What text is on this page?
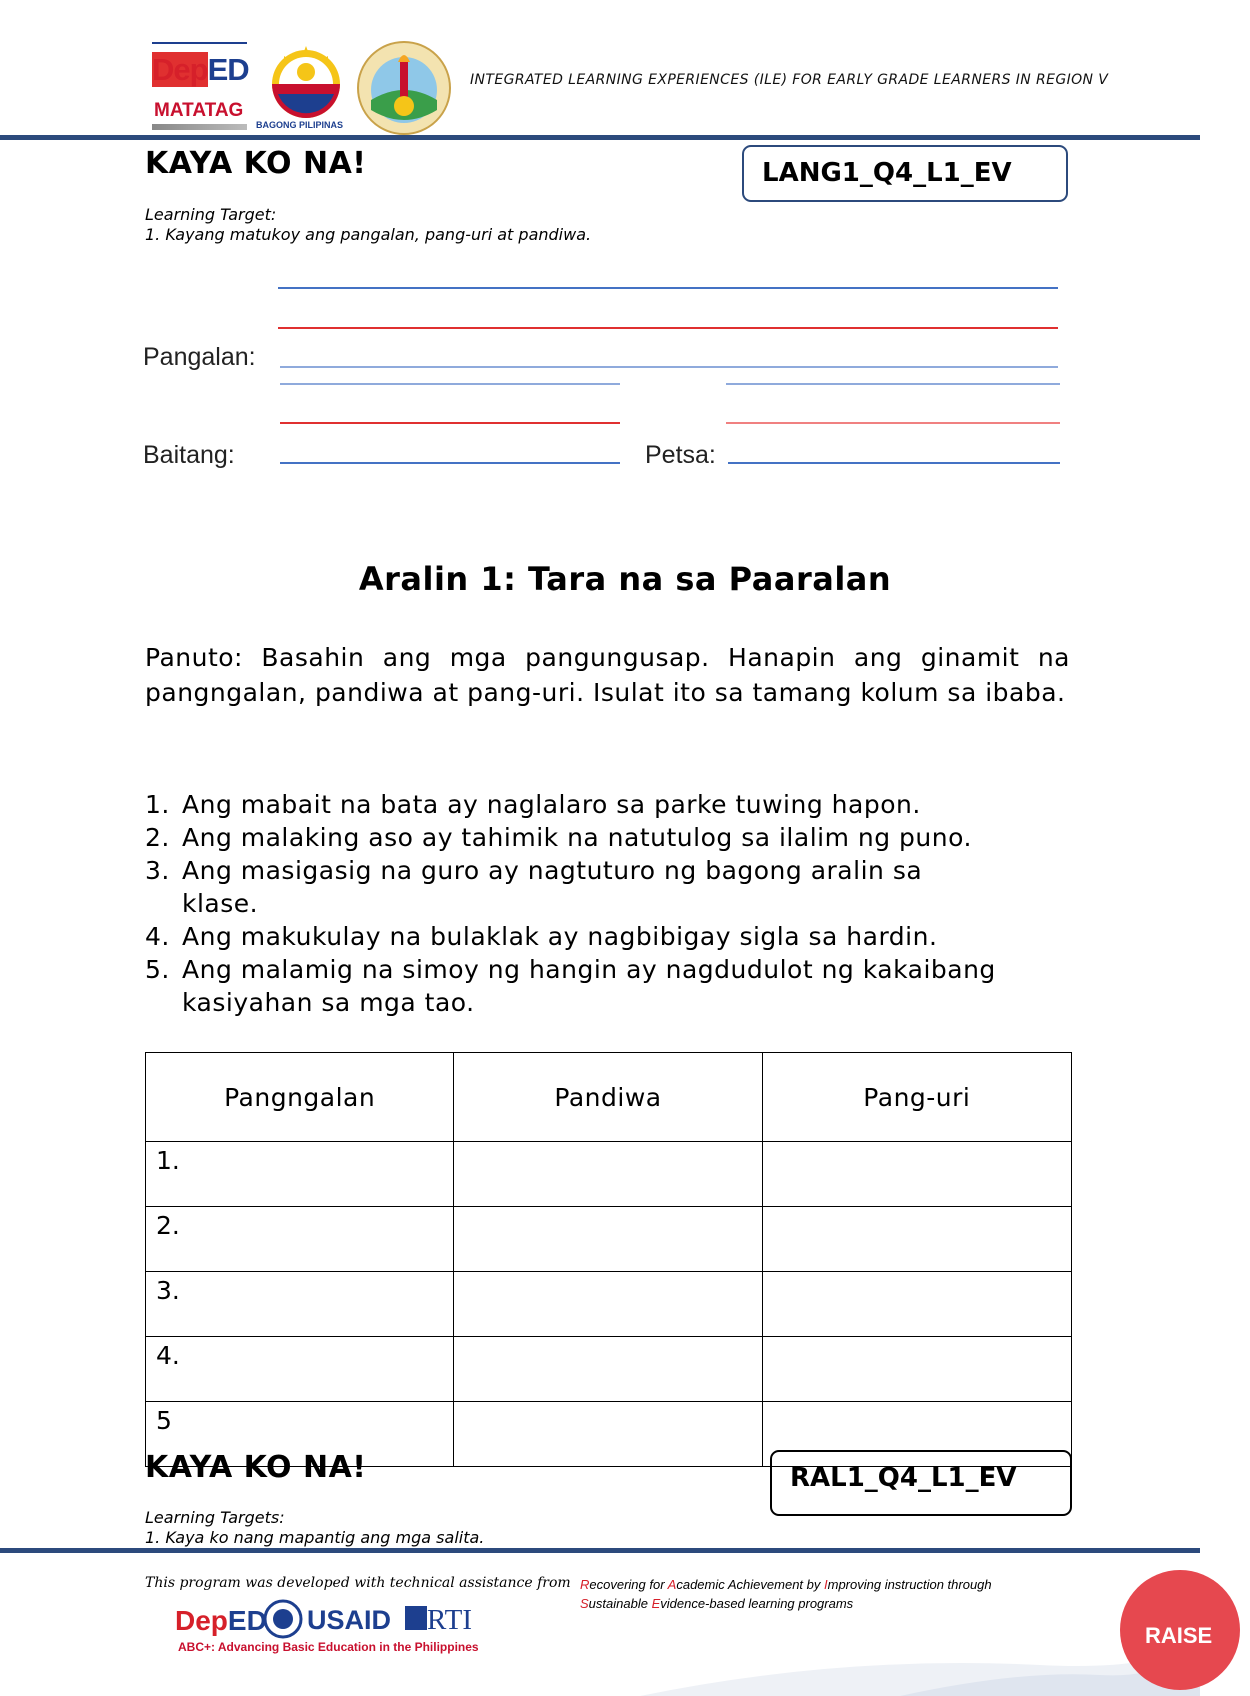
DepED
MATATAG
BAGONG PILIPINAS
INTEGRATED LEARNING EXPERIENCES (ILE) FOR EARLY GRADE LEARNERS IN REGION V
KAYA KO NA!	LANG1_Q4_L1_EV
Learning Target:
1. Kayang matukoy ang pangalan, pang-uri at pandiwa.
Pangalan:
Baitang:	Petsa:
Aralin 1: Tara na sa Paaralan
Panuto: Basahin ang mga pangungusap. Hanapin ang ginamit na pangngalan, pandiwa at pang-uri. Isulat ito sa tamang kolum sa ibaba.
1. Ang mabait na bata ay naglalaro sa parke tuwing hapon.
2. Ang malaking aso ay tahimik na natutulog sa ilalim ng puno.
3. Ang masigasig na guro ay nagtuturo ng bagong aralin sa klase.
4. Ang makukulay na bulaklak ay nagbibigay sigla sa hardin.
5. Ang malamig na simoy ng hangin ay nagdudulot ng kakaibang kasiyahan sa mga tao.
Pangngalan	Pandiwa	Pang-uri
1.		
2.		
3.		
4.		
5		
KAYA KO NA!	RAL1_Q4_L1_EV
Learning Targets:
1. Kaya ko nang mapantig ang mga salita.
This program was developed with technical assistance from Recovering for Academic Achievement by Improving instruction through
Sustainable Evidence-based learning programs
DepED USAID RTI
ABC+: Advancing Basic Education in the Philippines	RAISE
